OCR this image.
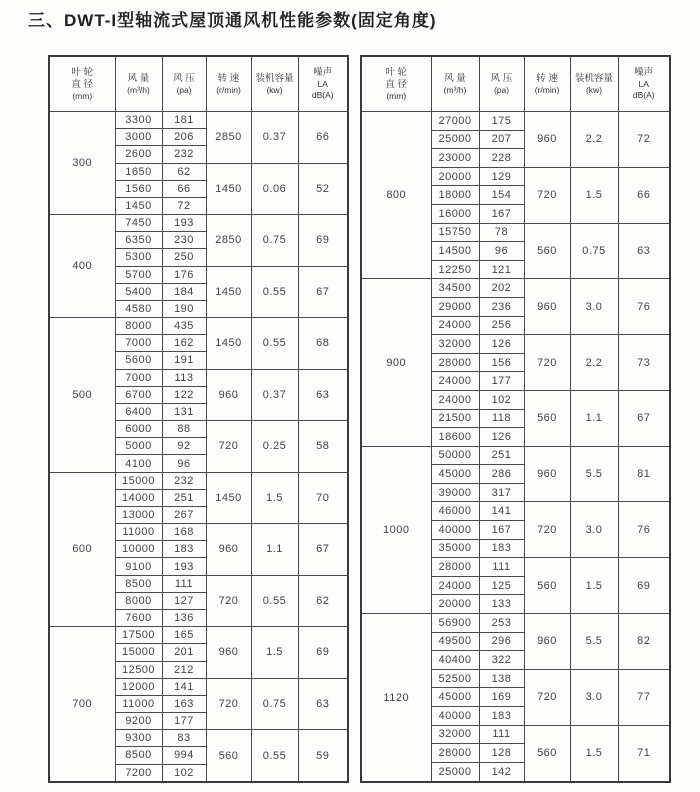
三、DWT-I型轴流式屋顶通风机性能参数(固定角度)
叶 轮
直 径
(mm)	风 量
(m³/h)	风 压
(pa)	转 速
(r/min)	装机容量
(kw)	噪声
LA
dB(A)

300	3300	181	2850	0.37	66
	3000	206			
	2600	232			
	1650	62	1450	0.06	52
	1560	66			
	1450	72			
400	7450	193	2850	0.75	69
	6350	230			
	5300	250			
	5700	176	1450	0.55	67
	5400	184			
	4580	190			
500	8000	435	1450	0.55	68
	7000	162			
	5600	191			
	7000	113	960	0.37	63
	6700	122			
	6400	131			
	6000	88	720	0.25	58
	5000	92			
	4100	96			
600	15000	232	1450	1.5	70
	14000	251			
	13000	267			
	11000	168	960	1.1	67
	10000	183			
	9100	193			
	8500	111	720	0.55	62
	8000	127			
	7600	136			
700	17500	165	960	1.5	69
	15000	201			
	12500	212			
	12000	141	720	0.75	63
	11000	163			
	9200	177			
	9300	83	560	0.55	59
	8500	994			
	7200	102			
叶 轮
直 径
(mm)	风 量
(m³/h)	风 压
(pa)	转 速
(r/min)	装机容量
(kw)	噪声
LA
dB(A)

800	27000	175	960	2.2	72
	25000	207			
	23000	228			
	20000	129	720	1.5	66
	18000	154			
	16000	167			
	15750	78	560	0.75	63
	14500	96			
	12250	121			
900	34500	202	960	3.0	76
	29000	236			
	24000	256			
	32000	126	720	2.2	73
	28000	156			
	24000	177			
	24000	102	560	1.1	67
	21500	118			
	18600	126			
1000	50000	251	960	5.5	81
	45000	286			
	39000	317			
	46000	141	720	3.0	76
	40000	167			
	35000	183			
	28000	111	560	1.5	69
	24000	125			
	20000	133			
1120	56900	253	960	5.5	82
	49500	296			
	40400	322			
	52500	138	720	3.0	77
	45000	169			
	40000	183			
	32000	111	560	1.5	71
	28000	128			
	25000	142			
